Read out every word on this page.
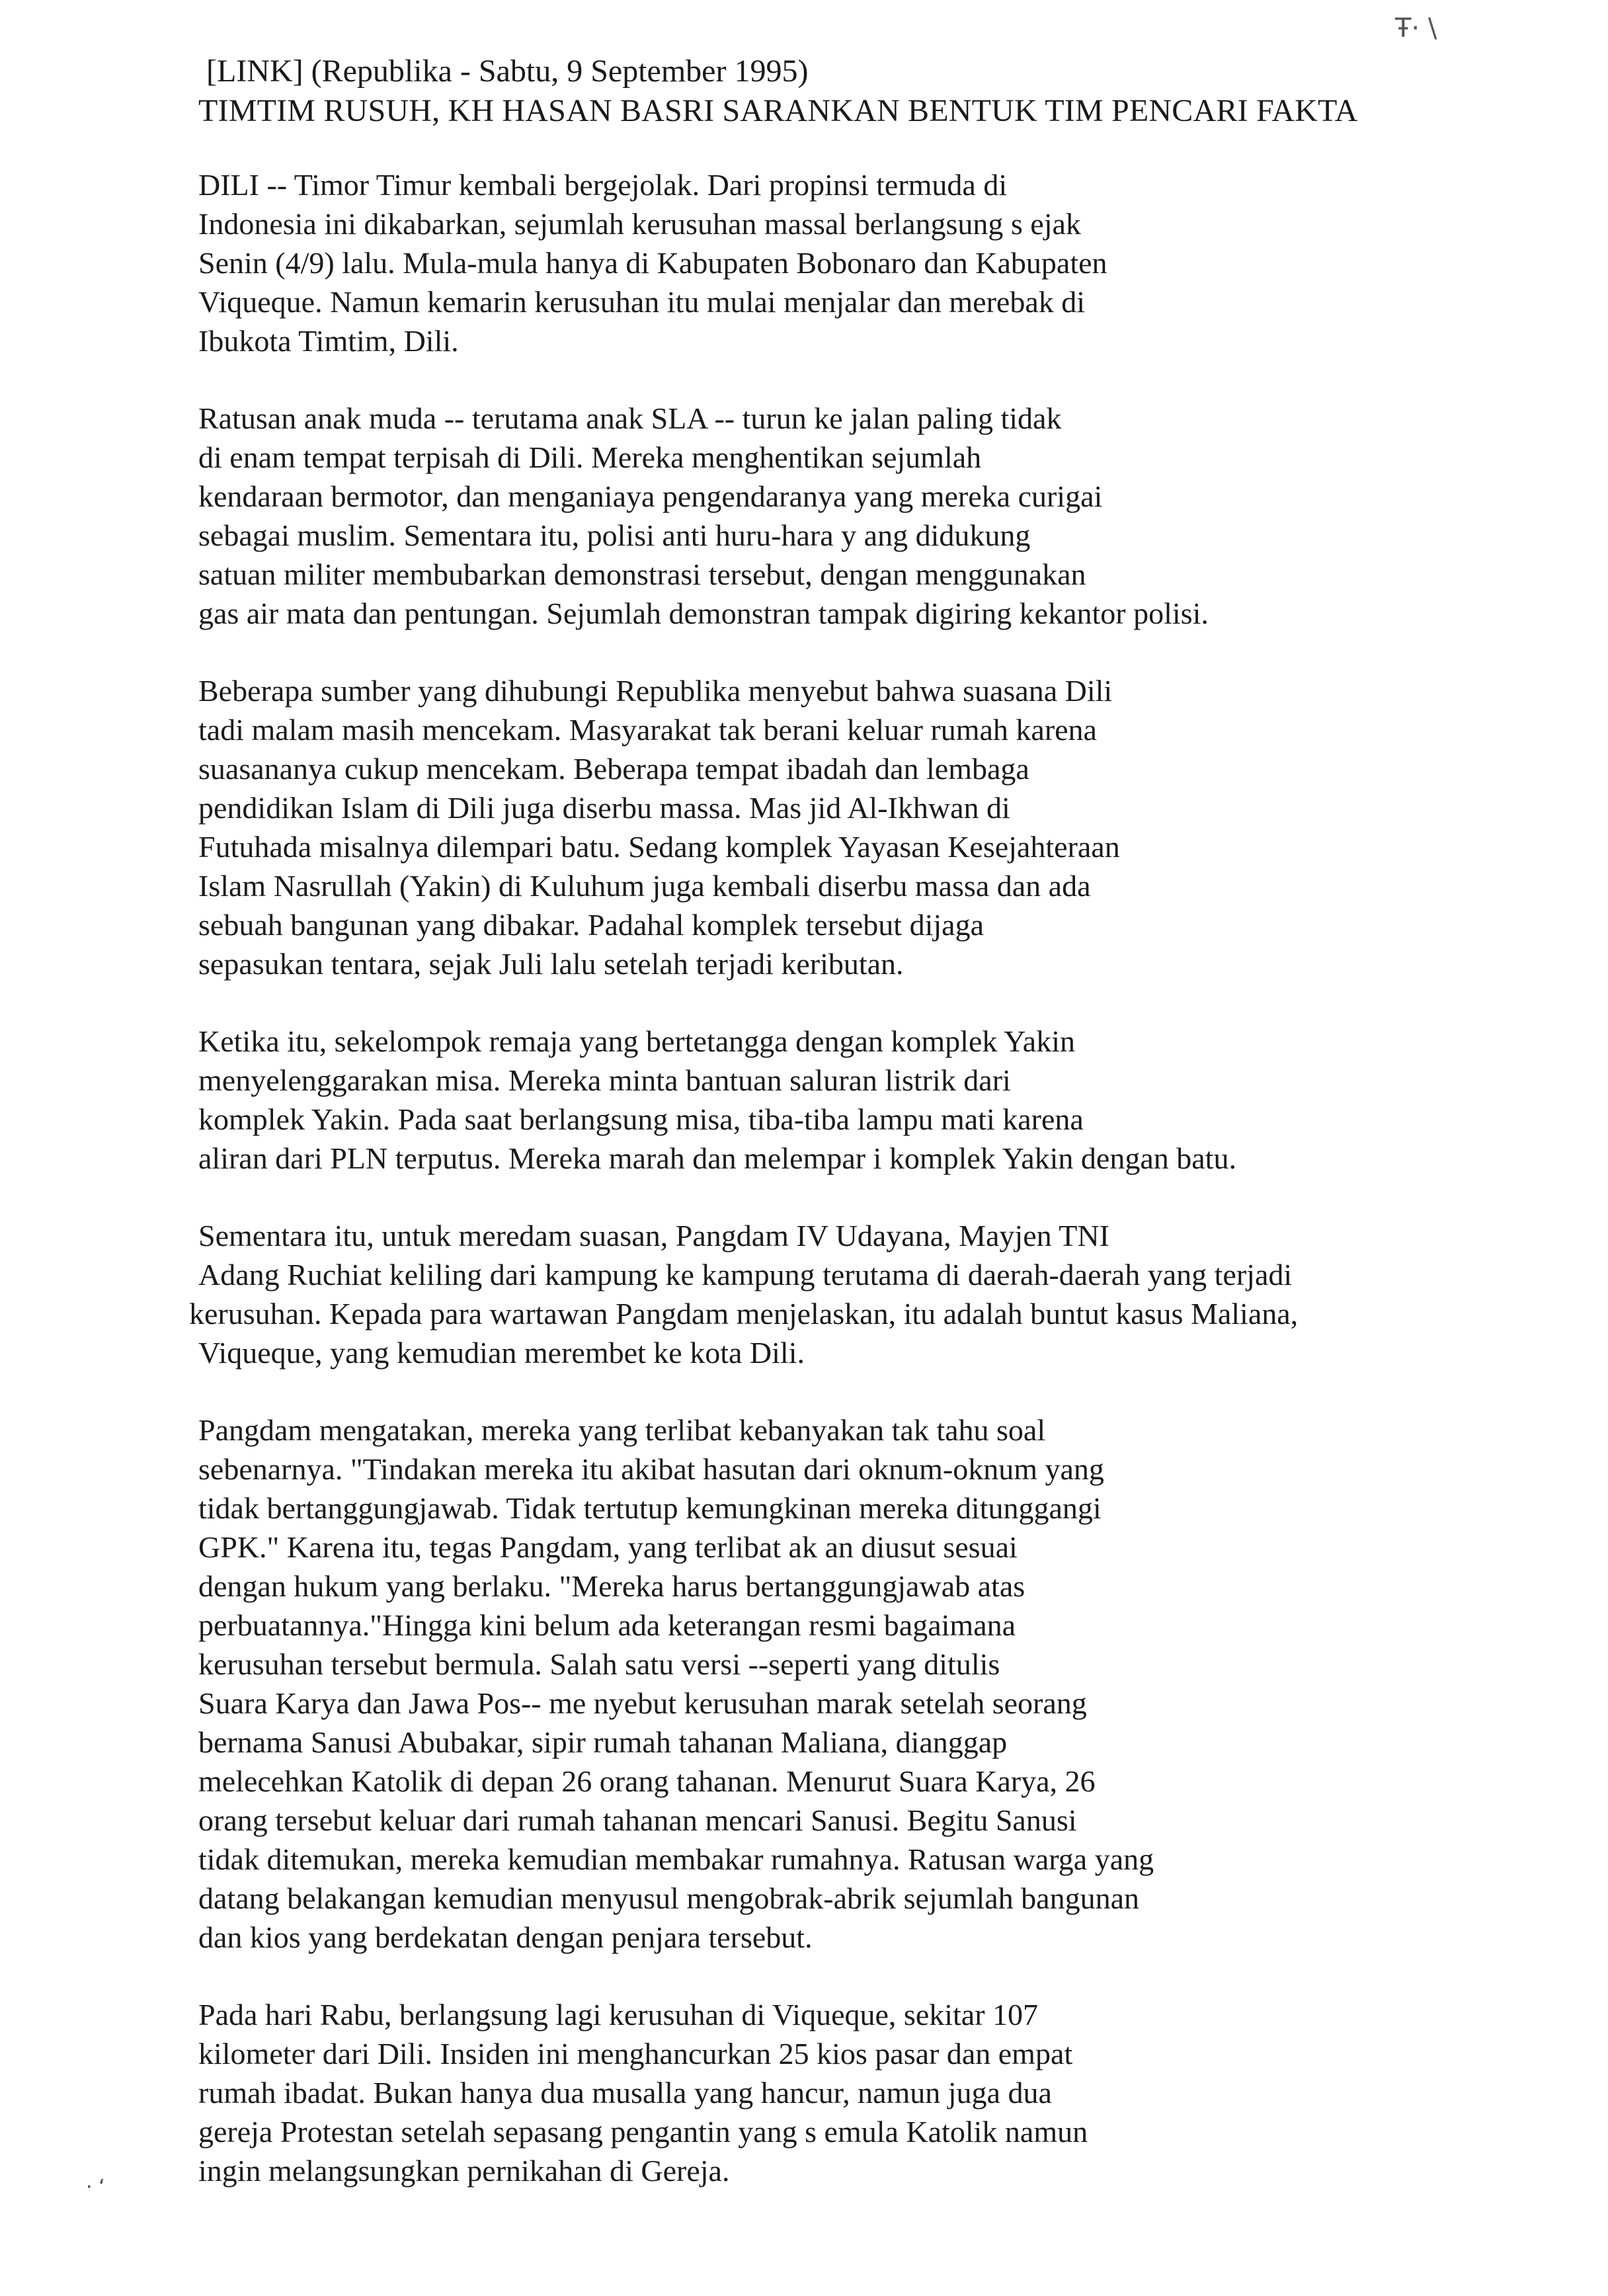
Ŧ· \
[LINK] (Republika - Sabtu, 9 September 1995)
TIMTIM RUSUH, KH HASAN BASRI SARANKAN BENTUK TIM PENCARI FAKTA
DILI -- Timor Timur kembali bergejolak. Dari propinsi termuda di
Indonesia ini dikabarkan, sejumlah kerusuhan massal berlangsung s ejak
Senin (4/9) lalu. Mula-mula hanya di Kabupaten Bobonaro dan Kabupaten
Viqueque. Namun kemarin kerusuhan itu mulai menjalar dan merebak di
Ibukota Timtim, Dili.
Ratusan anak muda -- terutama anak SLA -- turun ke jalan paling tidak
di enam tempat terpisah di Dili. Mereka menghentikan sejumlah
kendaraan bermotor, dan menganiaya pengendaranya yang mereka curigai
sebagai muslim. Sementara itu, polisi anti huru-hara y ang didukung
satuan militer membubarkan demonstrasi tersebut, dengan menggunakan
gas air mata dan pentungan. Sejumlah demonstran tampak digiring kekantor polisi.
Beberapa sumber yang dihubungi Republika menyebut bahwa suasana Dili
tadi malam masih mencekam. Masyarakat tak berani keluar rumah karena
suasananya cukup mencekam. Beberapa tempat ibadah dan lembaga
pendidikan Islam di Dili juga diserbu massa. Mas jid Al-Ikhwan di
Futuhada misalnya dilempari batu. Sedang komplek Yayasan Kesejahteraan
Islam Nasrullah (Yakin) di Kuluhum juga kembali diserbu massa dan ada
sebuah bangunan yang dibakar. Padahal komplek tersebut dijaga
sepasukan tentara, sejak Juli lalu setelah terjadi keributan.
Ketika itu, sekelompok remaja yang bertetangga dengan komplek Yakin
menyelenggarakan misa. Mereka minta bantuan saluran listrik dari
komplek Yakin. Pada saat berlangsung misa, tiba-tiba lampu mati karena
aliran dari PLN terputus. Mereka marah dan melempar i komplek Yakin dengan batu.
Sementara itu, untuk meredam suasan, Pangdam IV Udayana, Mayjen TNI
Adang Ruchiat keliling dari kampung ke kampung terutama di daerah-daerah yang terjadi
kerusuhan. Kepada para wartawan Pangdam menjelaskan, itu adalah buntut kasus Maliana,
Viqueque, yang kemudian merembet ke kota Dili.
Pangdam mengatakan, mereka yang terlibat kebanyakan tak tahu soal
sebenarnya. "Tindakan mereka itu akibat hasutan dari oknum-oknum yang
tidak bertanggungjawab. Tidak tertutup kemungkinan mereka ditunggangi
GPK." Karena itu, tegas Pangdam, yang terlibat ak an diusut sesuai
dengan hukum yang berlaku. "Mereka harus bertanggungjawab atas
perbuatannya."Hingga kini belum ada keterangan resmi bagaimana
kerusuhan tersebut bermula. Salah satu versi --seperti yang ditulis
Suara Karya dan Jawa Pos-- me nyebut kerusuhan marak setelah seorang
bernama Sanusi Abubakar, sipir rumah tahanan Maliana, dianggap
melecehkan Katolik di depan 26 orang tahanan. Menurut Suara Karya, 26
orang tersebut keluar dari rumah tahanan mencari Sanusi. Begitu Sanusi
tidak ditemukan, mereka kemudian membakar rumahnya. Ratusan warga yang
datang belakangan kemudian menyusul mengobrak-abrik sejumlah bangunan
dan kios yang berdekatan dengan penjara tersebut.
Pada hari Rabu, berlangsung lagi kerusuhan di Viqueque, sekitar 107
kilometer dari Dili. Insiden ini menghancurkan 25 kios pasar dan empat
rumah ibadat. Bukan hanya dua musalla yang hancur, namun juga dua
gereja Protestan setelah sepasang pengantin yang s emula Katolik namun
ingin melangsungkan pernikahan di Gereja.
· ʻ
